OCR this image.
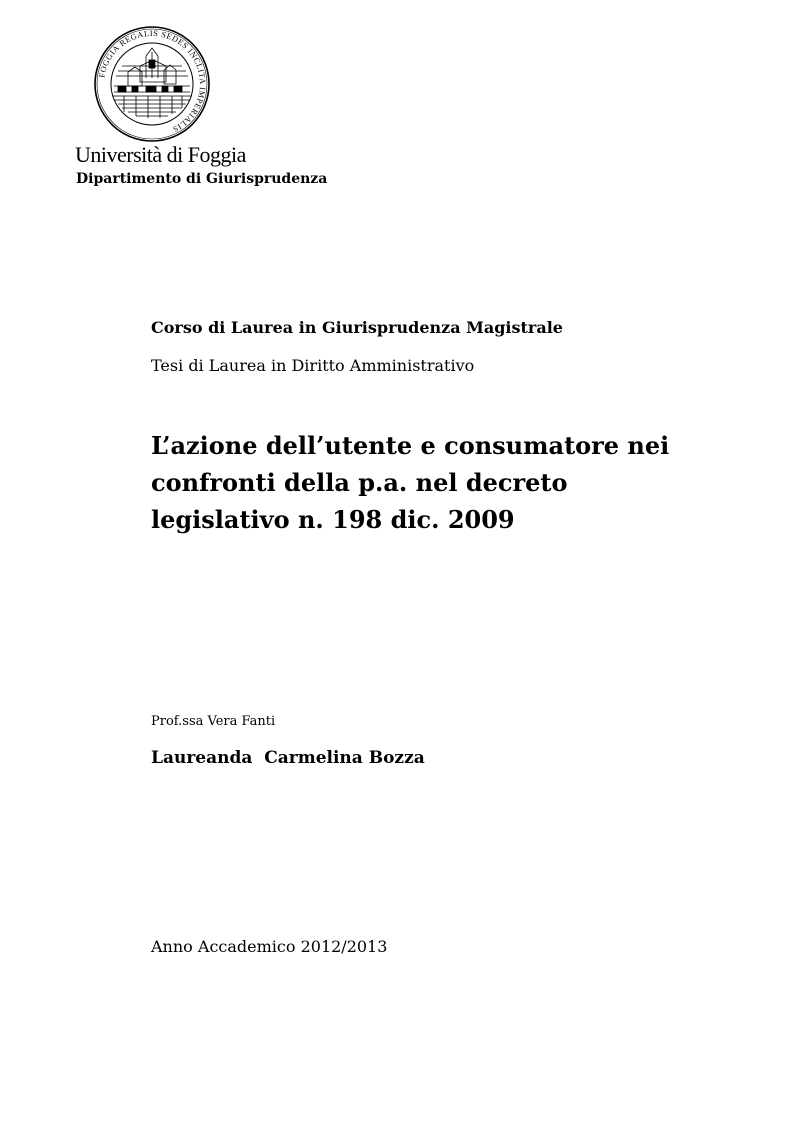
FOGGIA REGALIS SEDES INCLITA IMPERIALIS
Università di Foggia
Dipartimento di Giurisprudenza
Corso di Laurea in Giurisprudenza Magistrale
Tesi di Laurea in Diritto Amministrativo
L’azione dell’utente e consumatore nei
confronti della p.a. nel decreto
legislativo n. 198 dic. 2009
Prof.ssa Vera Fanti
Laureanda  Carmelina Bozza
Anno Accademico 2012/2013
